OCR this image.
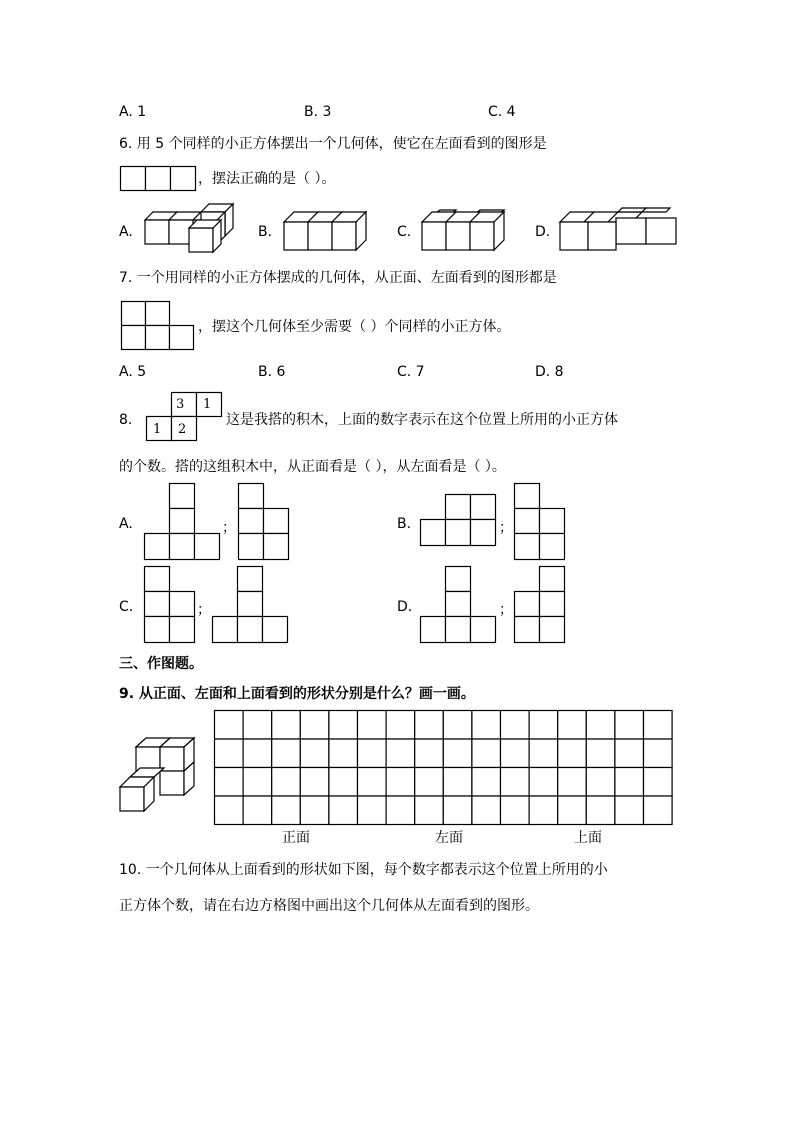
A. 1	B. 3	C. 4
6. 用 5 个同样的小正方体摆出一个几何体，使它在左面看到的图形是
，摆法正确的是（ ）。
A.	B.	C.	D.
7. 一个用同样的小正方体摆成的几何体，从正面、左面看到的图形都是
，摆这个几何体至少需要（ ）个同样的小正方体。
A. 5	B. 6	C. 7	D. 8
8.
3 1
1 2
这是我搭的积木，上面的数字表示在这个位置上所用的小正方体
的个数。搭的这组积木中，从正面看是（ ），从左面看是（ ）。
A.	；	B.	；
C.	；	D.	；
三、作图题。
9. 从正面、左面和上面看到的形状分别是什么？画一画。
正面	左面	上面
10. 一个几何体从上面看到的形状如下图，每个数字都表示这个位置上所用的小
正方体个数，请在右边方格图中画出这个几何体从左面看到的图形。
